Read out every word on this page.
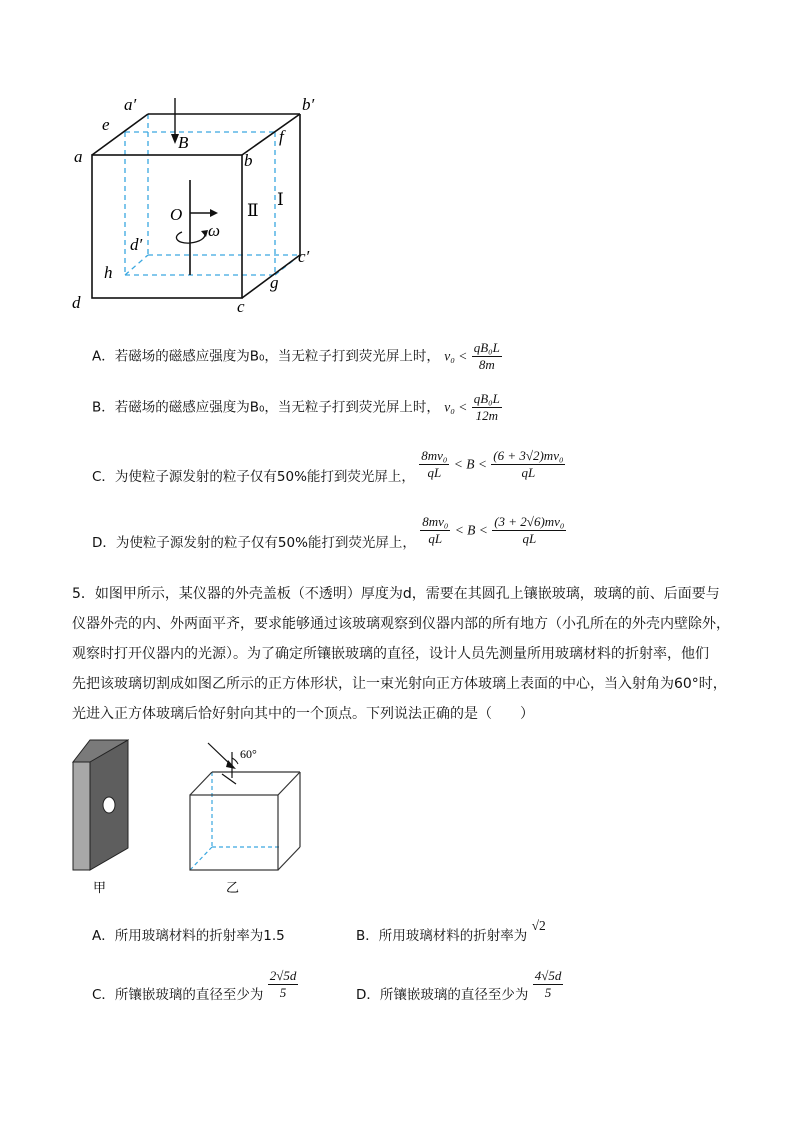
a′	b′
e
f
a	b
B
O
ω
Ⅱ
Ⅰ
d′
c′
h
g
d	c
A．若磁场的磁感应强度为B₀，当无粒子打到荧光屏上时， $v_0 < \frac{\text{qB₀L}}{8m}$
B．若磁场的磁感应强度为B₀，当无粒子打到荧光屏上时， $v_0 < \frac{\text{qB₀L}}{12m}$
C．为使粒子源发射的粒子仅有50%能打到荧光屏上， $\frac{\text{8mv₀}}{qL} < B < \frac{\text{(6 + 3√2)mv₀}}{qL}$
D．为使粒子源发射的粒子仅有50%能打到荧光屏上， $\frac{\text{8mv₀}}{qL} < B < \frac{\text{(3 + 2√6)mv₀}}{qL}$
5．如图甲所示，某仪器的外壳盖板（不透明）厚度为d，需要在其圆孔上镶嵌玻璃，玻璃的前、后面要与
仪器外壳的内、外两面平齐，要求能够通过该玻璃观察到仪器内部的所有地方（小孔所在的外壳内壁除外，
观察时打开仪器内的光源）。为了确定所镶嵌玻璃的直径，设计人员先测量所用玻璃材料的折射率，他们
先把该玻璃切割成如图乙所示的正方体形状，让一束光射向正方体玻璃上表面的中心，当入射角为60°时，
光进入正方体玻璃后恰好射向其中的一个顶点。下列说法正确的是（　　）
60°
甲	乙
A．所用玻璃材料的折射率为1.5	B．所用玻璃材料的折射率为 √2
C．所镶嵌玻璃的直径至少为 $\frac{2√5d}{5}$	D．所镶嵌玻璃的直径至少为 $\frac{4√5d}{5}$
